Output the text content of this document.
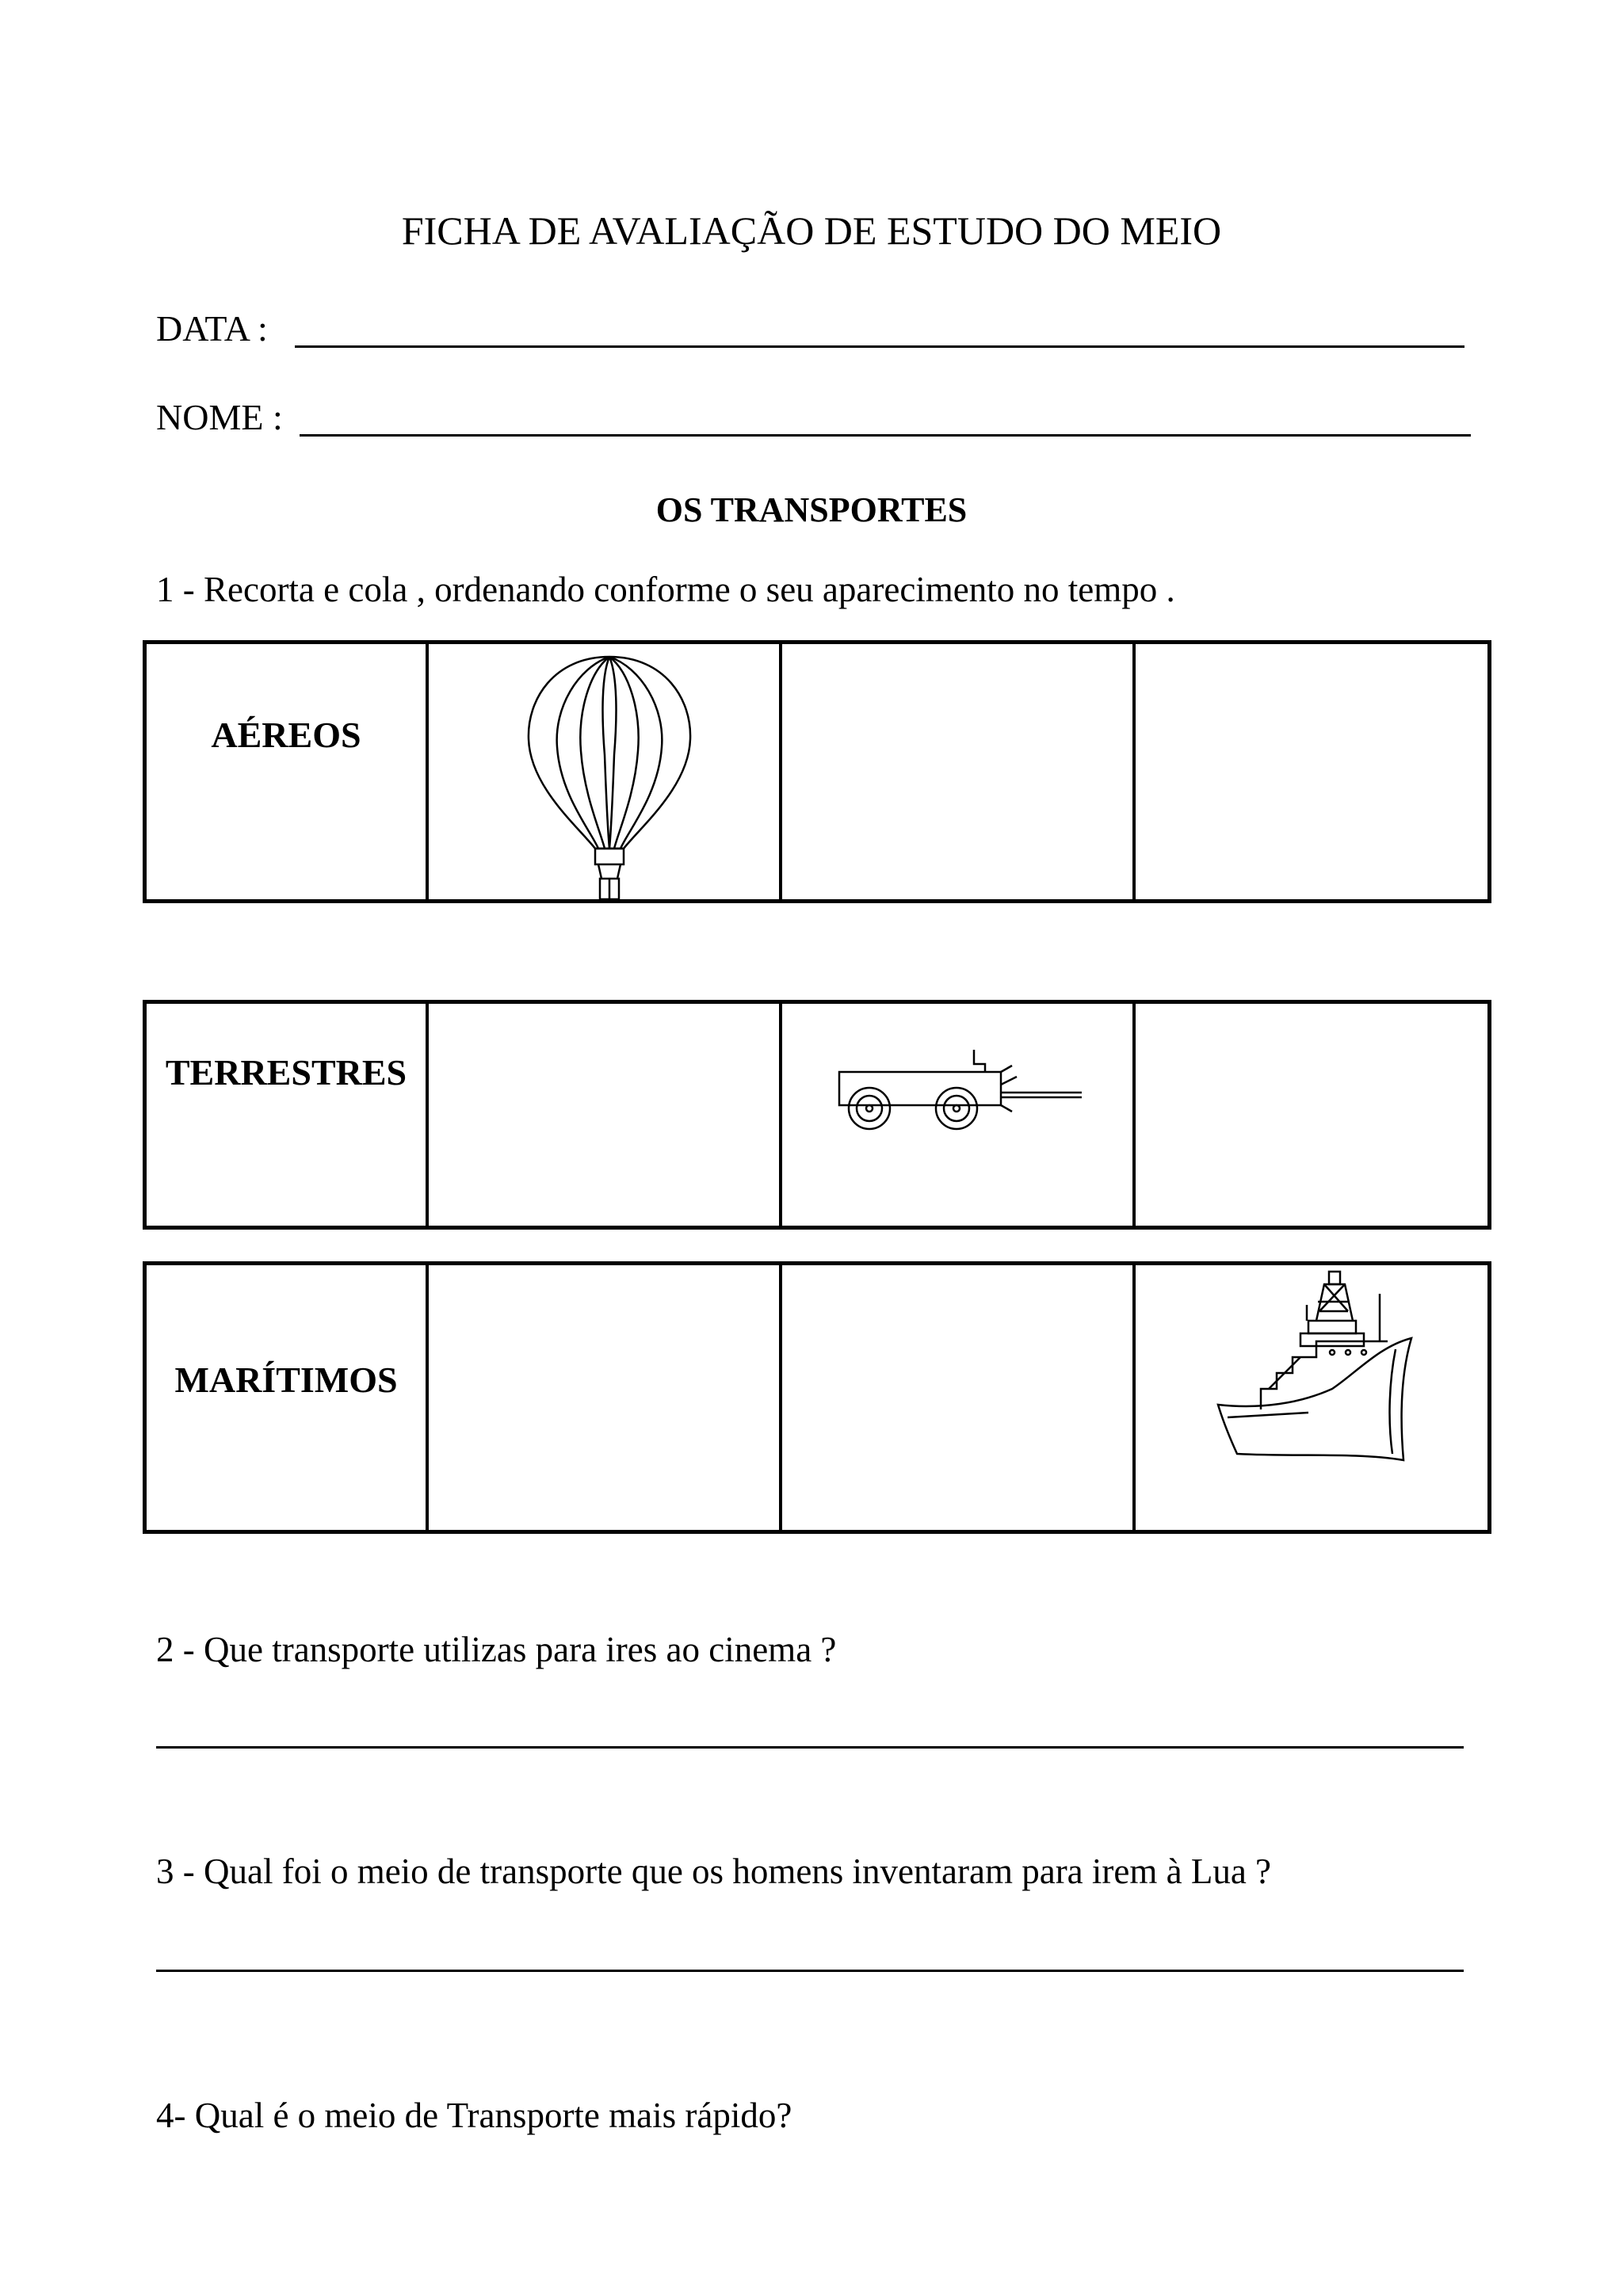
FICHA DE AVALIAÇÃO DE ESTUDO DO MEIO
DATA :
NOME :
OS TRANSPORTES
1 - Recorta e cola , ordenando conforme o seu aparecimento no tempo .
AÉREOS
TERRESTRES
MARÍTIMOS
2 - Que transporte utilizas para ires ao cinema ?
3 - Qual foi o meio de transporte que os homens inventaram para irem à Lua ?
4- Qual é o meio de Transporte mais rápido?
